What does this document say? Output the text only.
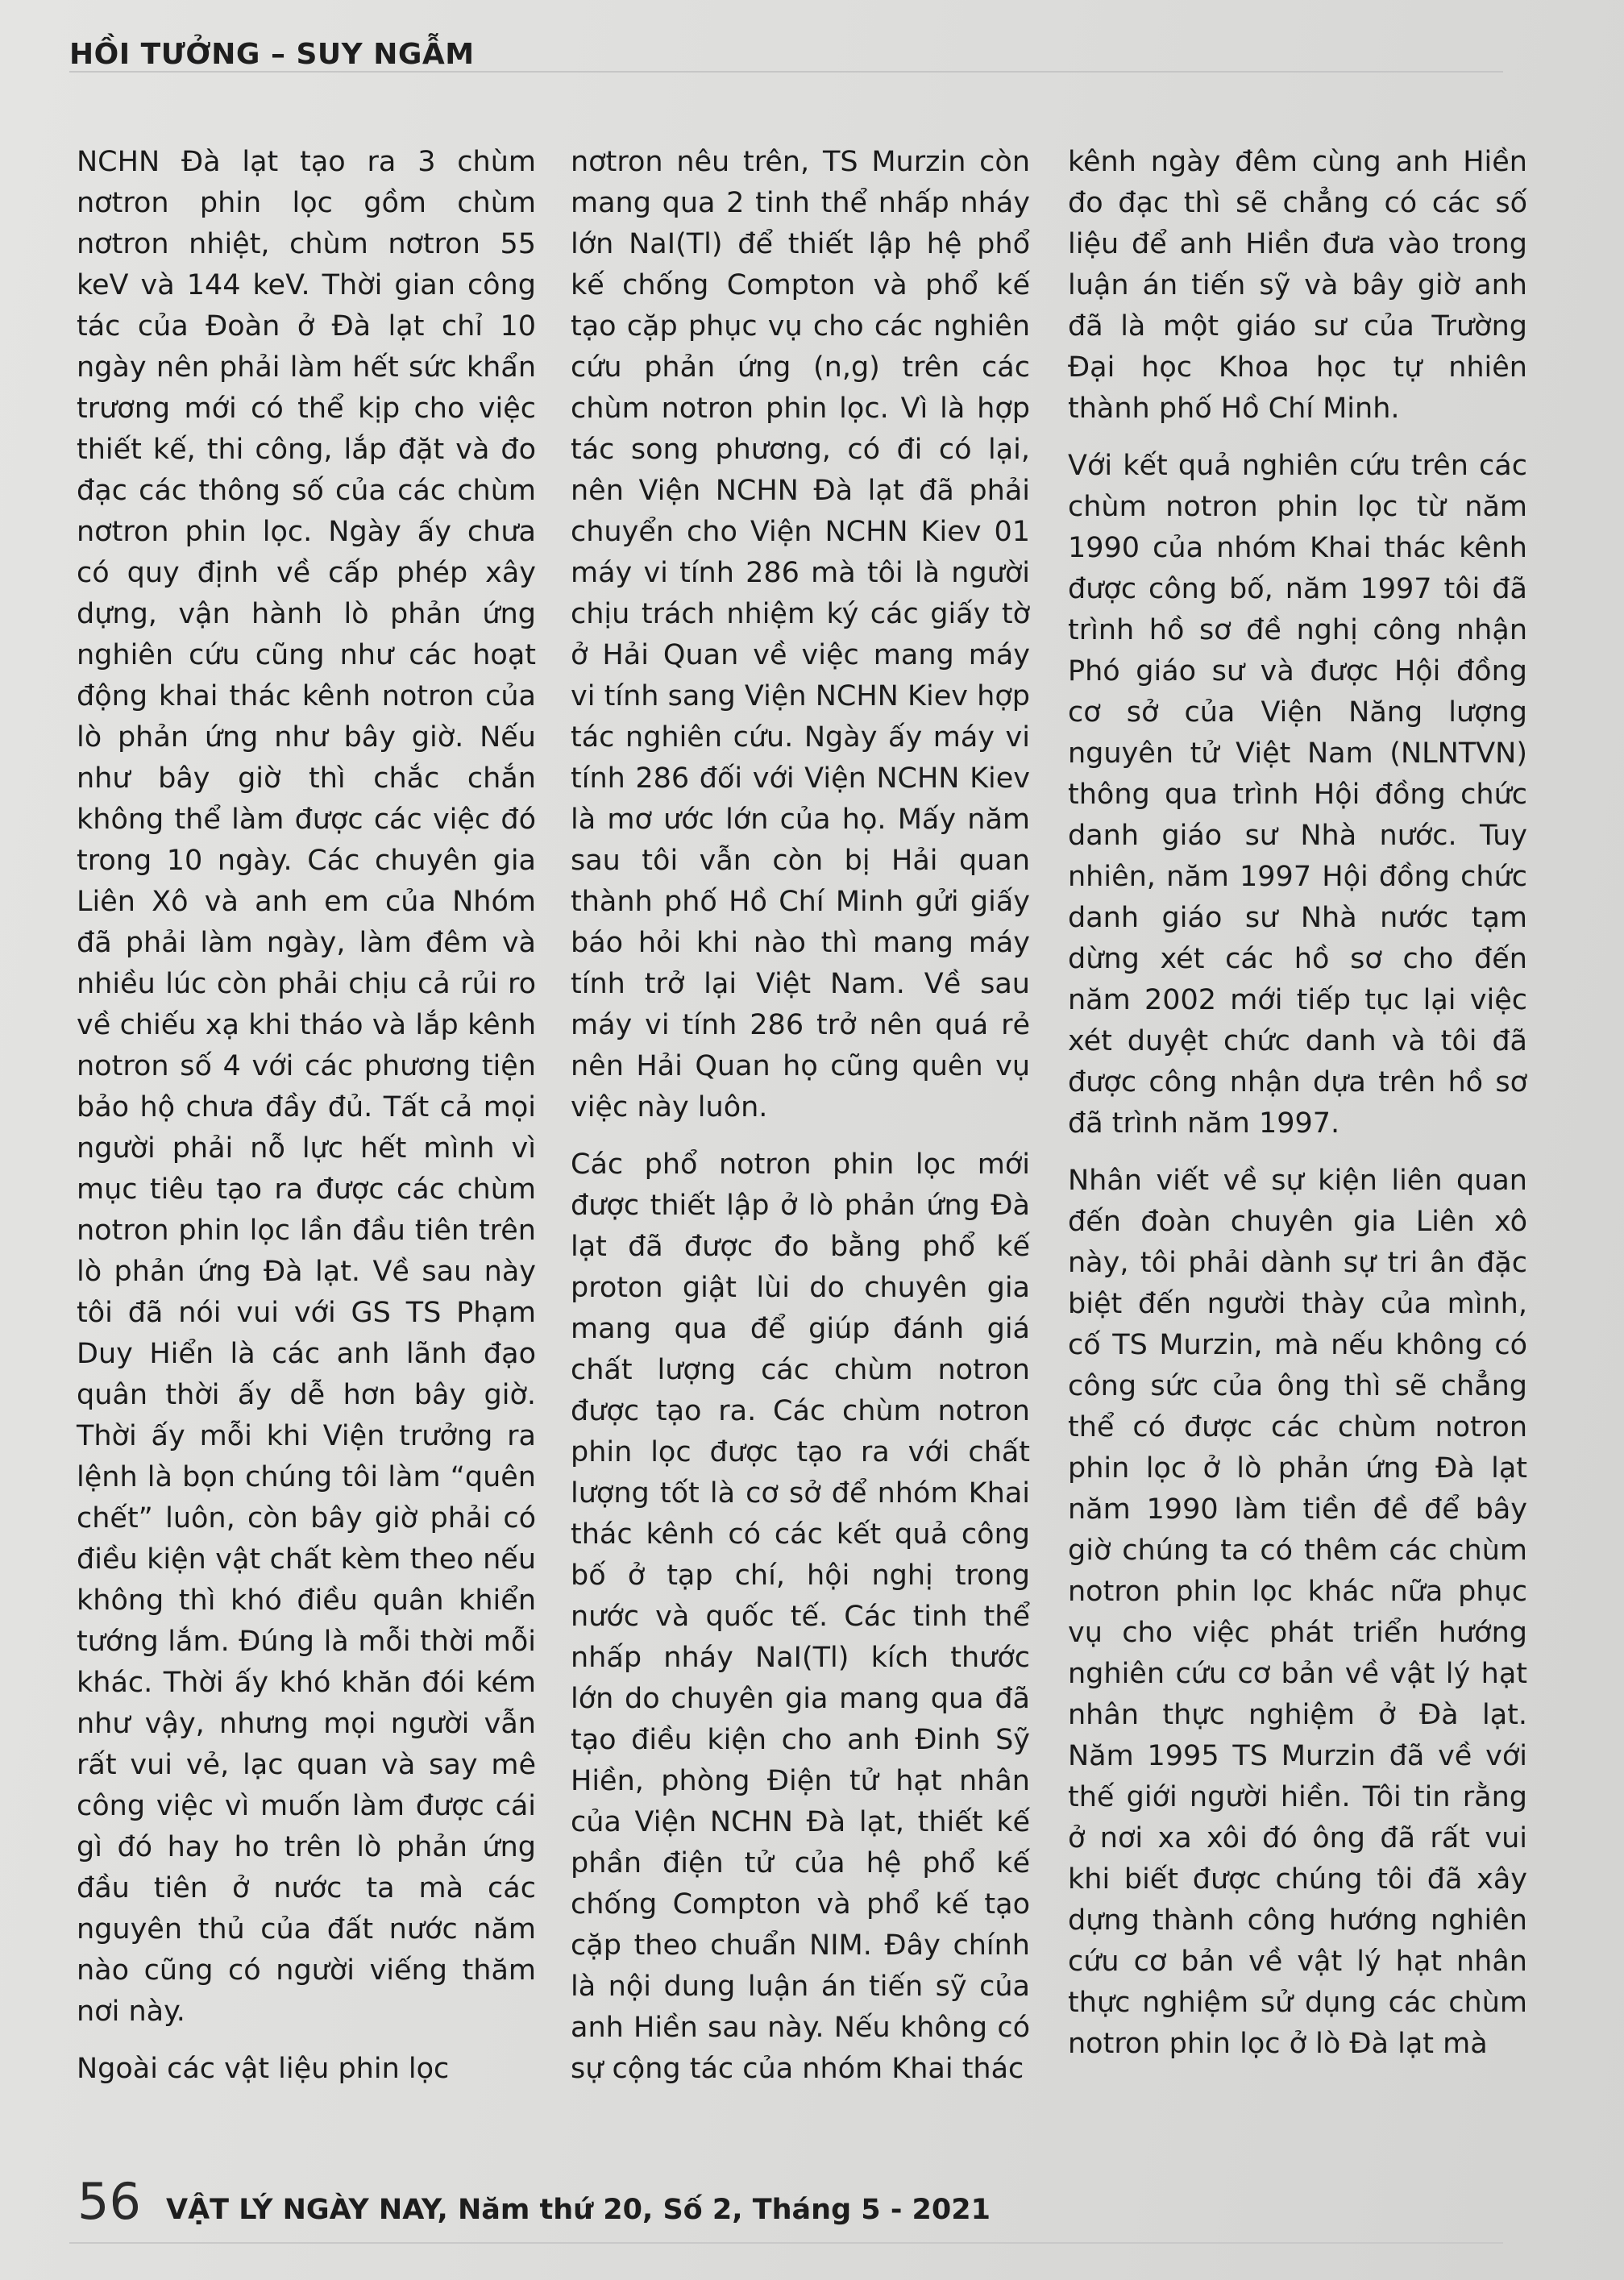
HỒI TƯỞNG – SUY NGẪM

NCHN Đà lạt tạo ra 3 chùm nơtron phin lọc gồm chùm nơtron nhiệt, chùm nơtron 55 keV và 144 keV. Thời gian công tác của Đoàn ở Đà lạt chỉ 10 ngày nên phải làm hết sức khẩn trương mới có thể kịp cho việc thiết kế, thi công, lắp đặt và đo đạc các thông số của các chùm nơtron phin lọc. Ngày ấy chưa có quy định về cấp phép xây dựng, vận hành lò phản ứng nghiên cứu cũng như các hoạt động khai thác kênh notron của lò phản ứng như bây giờ. Nếu như bây giờ thì chắc chắn không thể làm được các việc đó trong 10 ngày. Các chuyên gia Liên Xô và anh em của Nhóm đã phải làm ngày, làm đêm và nhiều lúc còn phải chịu cả rủi ro về chiếu xạ khi tháo và lắp kênh notron số 4 với các phương tiện bảo hộ chưa đầy đủ. Tất cả mọi người phải nỗ lực hết mình vì mục tiêu tạo ra được các chùm notron phin lọc lần đầu tiên trên lò phản ứng Đà lạt. Về sau này tôi đã nói vui với GS TS Phạm Duy Hiển là các anh lãnh đạo quân thời ấy dễ hơn bây giờ. Thời ấy mỗi khi Viện trưởng ra lệnh là bọn chúng tôi làm “quên chết” luôn, còn bây giờ phải có điều kiện vật chất kèm theo nếu không thì khó điều quân khiển tướng lắm. Đúng là mỗi thời mỗi khác. Thời ấy khó khăn đói kém như vậy, nhưng mọi người vẫn rất vui vẻ, lạc quan và say mê công việc vì muốn làm được cái gì đó hay ho trên lò phản ứng đầu tiên ở nước ta mà các nguyên thủ của đất nước năm nào cũng có người viếng thăm nơi này.

Ngoài các vật liệu phin lọc

nơtron nêu trên, TS Murzin còn mang qua 2 tinh thể nhấp nháy lớn NaI(Tl) để thiết lập hệ phổ kế chống Compton và phổ kế tạo cặp phục vụ cho các nghiên cứu phản ứng (n,g) trên các chùm notron phin lọc. Vì là hợp tác song phương, có đi có lại, nên Viện NCHN Đà lạt đã phải chuyển cho Viện NCHN Kiev 01 máy vi tính 286 mà tôi là người chịu trách nhiệm ký các giấy tờ ở Hải Quan về việc mang máy vi tính sang Viện NCHN Kiev hợp tác nghiên cứu. Ngày ấy máy vi tính 286 đối với Viện NCHN Kiev là mơ ước lớn của họ. Mấy năm sau tôi vẫn còn bị Hải quan thành phố Hồ Chí Minh gửi giấy báo hỏi khi nào thì mang máy tính trở lại Việt Nam. Về sau máy vi tính 286 trở nên quá rẻ nên Hải Quan họ cũng quên vụ việc này luôn.

Các phổ notron phin lọc mới được thiết lập ở lò phản ứng Đà lạt đã được đo bằng phổ kế proton giật lùi do chuyên gia mang qua để giúp đánh giá chất lượng các chùm notron được tạo ra. Các chùm notron phin lọc được tạo ra với chất lượng tốt là cơ sở để nhóm Khai thác kênh có các kết quả công bố ở tạp chí, hội nghị trong nước và quốc tế. Các tinh thể nhấp nháy NaI(Tl) kích thước lớn do chuyên gia mang qua đã tạo điều kiện cho anh Đinh Sỹ Hiền, phòng Điện tử hạt nhân của Viện NCHN Đà lạt, thiết kế phần điện tử của hệ phổ kế chống Compton và phổ kế tạo cặp theo chuẩn NIM. Đây chính là nội dung luận án tiến sỹ của anh Hiền sau này. Nếu không có sự cộng tác của nhóm Khai thác

kênh ngày đêm cùng anh Hiền đo đạc thì sẽ chẳng có các số liệu để anh Hiền đưa vào trong luận án tiến sỹ và bây giờ anh đã là một giáo sư của Trường Đại học Khoa học tự nhiên thành phố Hồ Chí Minh.

Với kết quả nghiên cứu trên các chùm notron phin lọc từ năm 1990 của nhóm Khai thác kênh được công bố, năm 1997 tôi đã trình hồ sơ đề nghị công nhận Phó giáo sư và được Hội đồng cơ sở của Viện Năng lượng nguyên tử Việt Nam (NLNTVN) thông qua trình Hội đồng chức danh giáo sư Nhà nước. Tuy nhiên, năm 1997 Hội đồng chức danh giáo sư Nhà nước tạm dừng xét các hồ sơ cho đến năm 2002 mới tiếp tục lại việc xét duyệt chức danh và tôi đã được công nhận dựa trên hồ sơ đã trình năm 1997.

Nhân viết về sự kiện liên quan đến đoàn chuyên gia Liên xô này, tôi phải dành sự tri ân đặc biệt đến người thày của mình, cố TS Murzin, mà nếu không có công sức của ông thì sẽ chẳng thể có được các chùm notron phin lọc ở lò phản ứng Đà lạt năm 1990 làm tiền đề để bây giờ chúng ta có thêm các chùm notron phin lọc khác nữa phục vụ cho việc phát triển hướng nghiên cứu cơ bản về vật lý hạt nhân thực nghiệm ở Đà lạt. Năm 1995 TS Murzin đã về với thế giới người hiền. Tôi tin rằng ở nơi xa xôi đó ông đã rất vui khi biết được chúng tôi đã xây dựng thành công hướng nghiên cứu cơ bản về vật lý hạt nhân thực nghiệm sử dụng các chùm notron phin lọc ở lò Đà lạt mà

56 VẬT LÝ NGÀY NAY, Năm thứ 20, Số 2, Tháng 5 - 2021
